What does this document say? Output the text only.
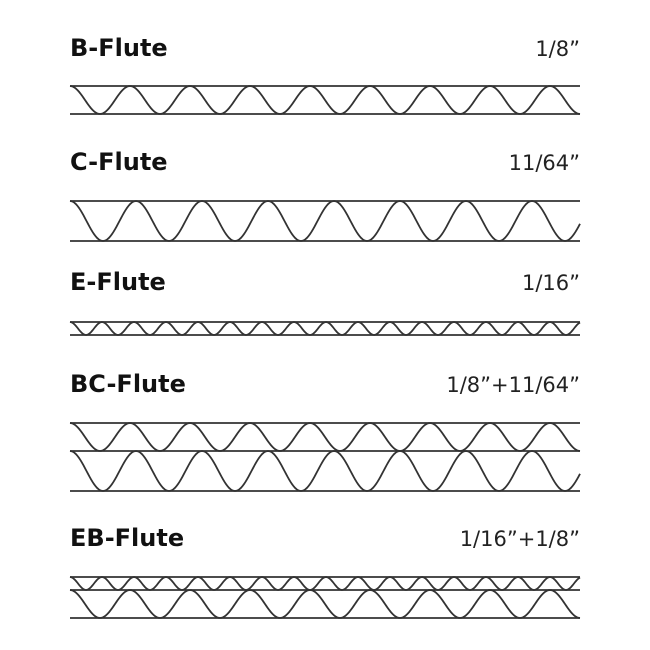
B-Flute	1/8”
C-Flute	11/64”
E-Flute	1/16”
BC-Flute	1/8”+11/64”
EB-Flute	1/16”+1/8”
